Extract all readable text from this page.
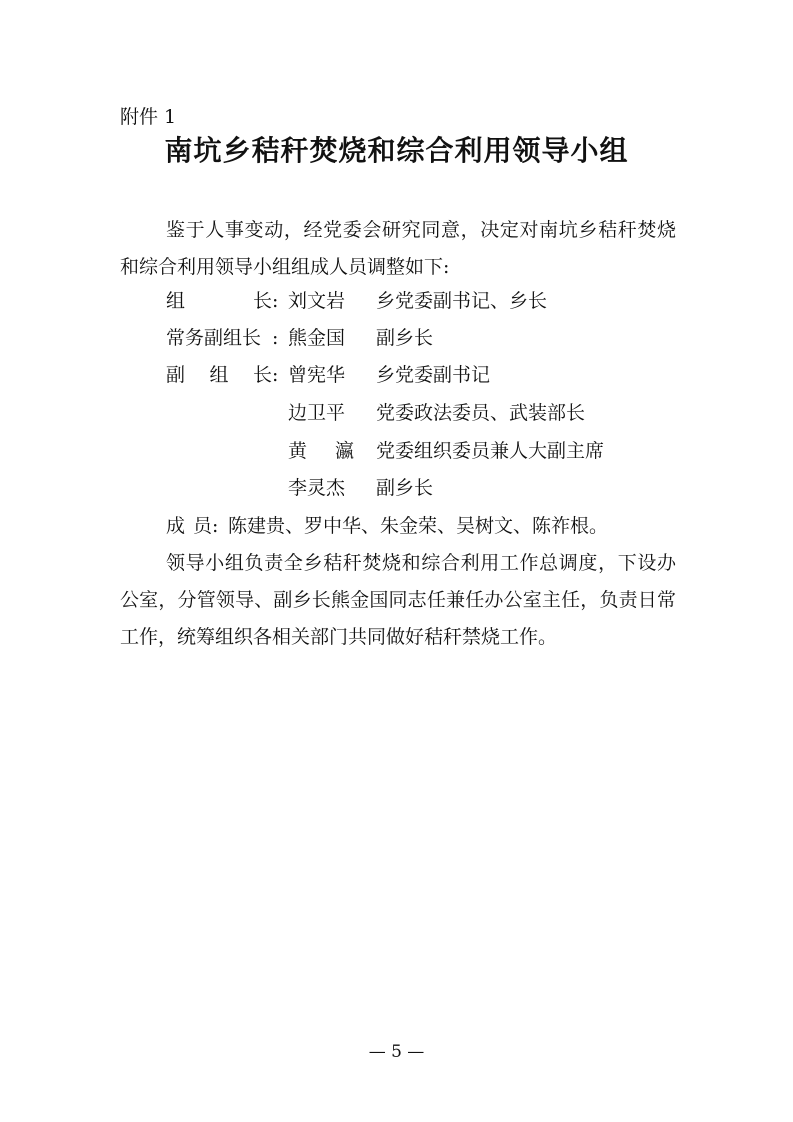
附件 1
南坑乡秸秆焚烧和综合利用领导小组
鉴于人事变动，经党委会研究同意，决定对南坑乡秸秆焚烧和综合利用领导小组组成人员调整如下:
组	长 : 刘文岩 乡党委副书记、乡长
常务副组长 : 熊金国 副乡长
副 组 长 : 曾宪华 乡党委副书记
边卫平 党委政法委员、武装部长
黄 瀛 党委组织委员兼人大副主席
李灵杰 副乡长
成 员 : 陈建贵、罗中华、朱金荣、吴树文、陈祚根。
领导小组负责全乡秸秆焚烧和综合利用工作总调度，下设办公室，分管领导、副乡长熊金国同志任兼任办公室主任，负责日常工作，统筹组织各相关部门共同做好秸秆禁烧工作。
— 5 —
